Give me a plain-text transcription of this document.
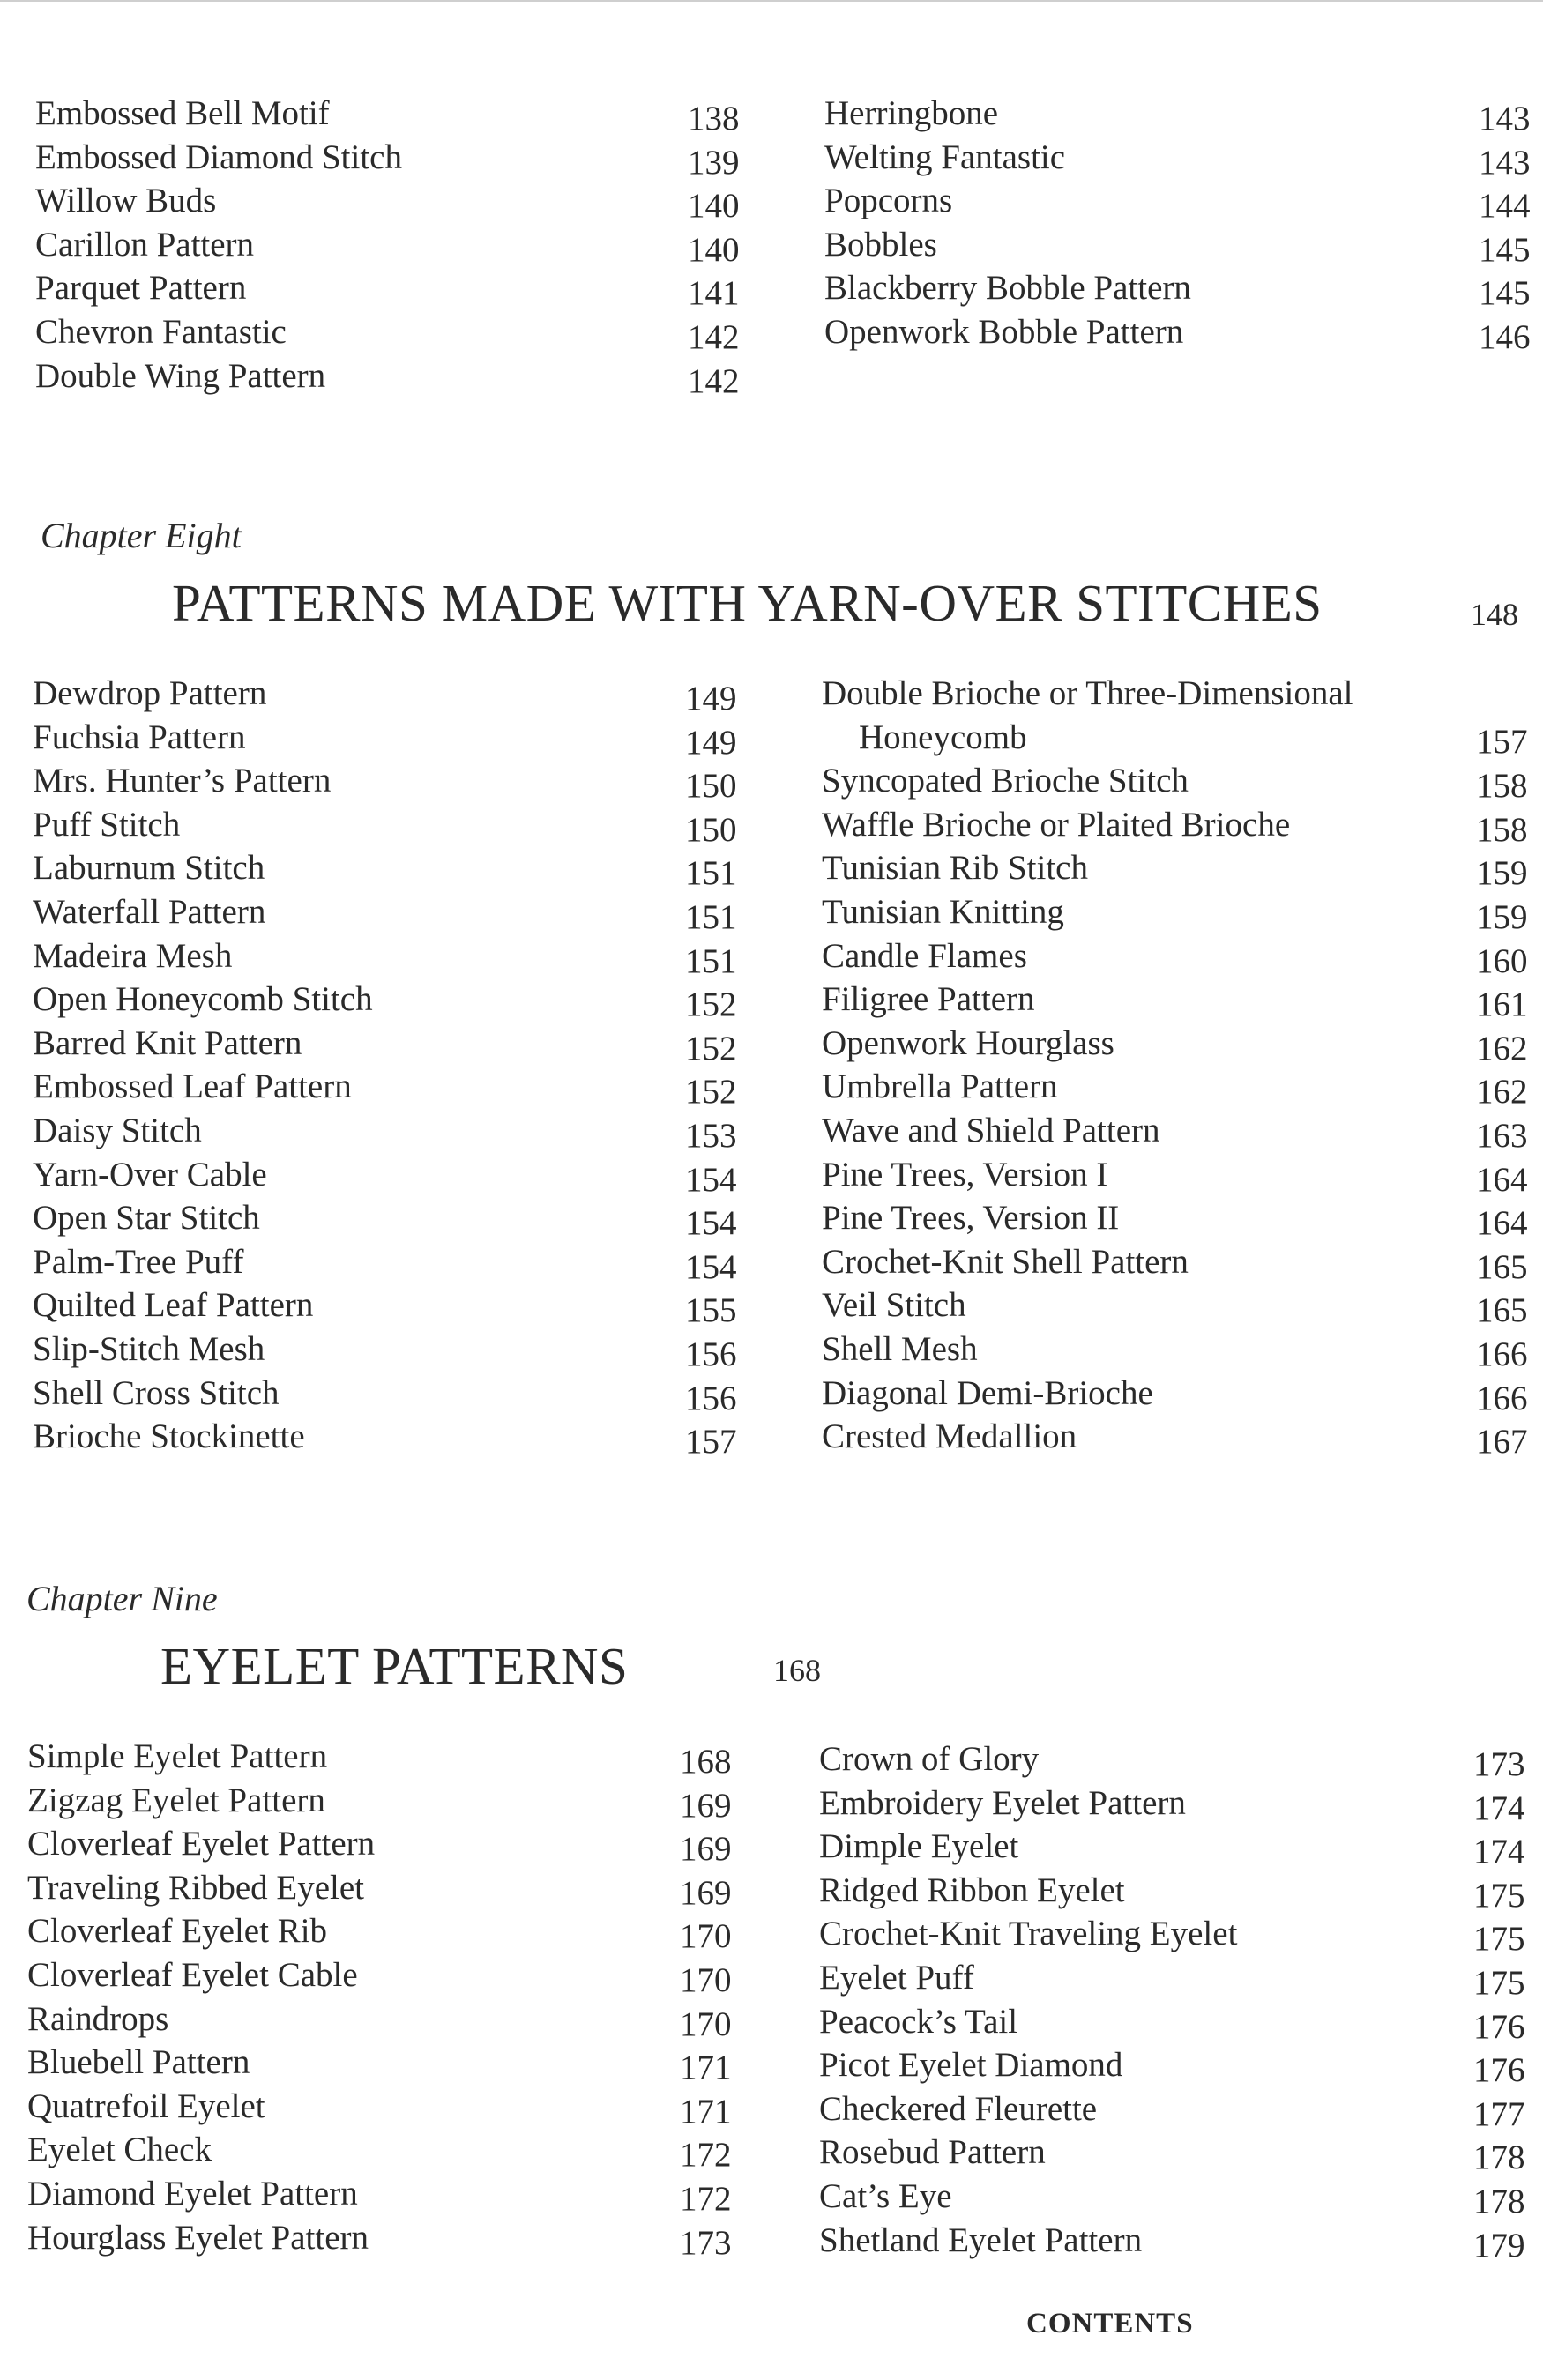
Embossed Bell Motif	138
Embossed Diamond Stitch	139
Willow Buds	140
Carillon Pattern	140
Parquet Pattern	141
Chevron Fantastic	142
Double Wing Pattern	142
Herringbone	143
Welting Fantastic	143
Popcorns	144
Bobbles	145
Blackberry Bobble Pattern	145
Openwork Bobble Pattern	146
Chapter Eight
PATTERNS MADE WITH YARN-OVER STITCHES	148
Dewdrop Pattern	149
Fuchsia Pattern	149
Mrs. Hunter’s Pattern	150
Puff Stitch	150
Laburnum Stitch	151
Waterfall Pattern	151
Madeira Mesh	151
Open Honeycomb Stitch	152
Barred Knit Pattern	152
Embossed Leaf Pattern	152
Daisy Stitch	153
Yarn-Over Cable	154
Open Star Stitch	154
Palm-Tree Puff	154
Quilted Leaf Pattern	155
Slip-Stitch Mesh	156
Shell Cross Stitch	156
Brioche Stockinette	157
Double Brioche or Three-Dimensional
Honeycomb	157
Syncopated Brioche Stitch	158
Waffle Brioche or Plaited Brioche	158
Tunisian Rib Stitch	159
Tunisian Knitting	159
Candle Flames	160
Filigree Pattern	161
Openwork Hourglass	162
Umbrella Pattern	162
Wave and Shield Pattern	163
Pine Trees, Version I	164
Pine Trees, Version II	164
Crochet-Knit Shell Pattern	165
Veil Stitch	165
Shell Mesh	166
Diagonal Demi-Brioche	166
Crested Medallion	167
Chapter Nine
EYELET PATTERNS	168
Simple Eyelet Pattern	168
Zigzag Eyelet Pattern	169
Cloverleaf Eyelet Pattern	169
Traveling Ribbed Eyelet	169
Cloverleaf Eyelet Rib	170
Cloverleaf Eyelet Cable	170
Raindrops	170
Bluebell Pattern	171
Quatrefoil Eyelet	171
Eyelet Check	172
Diamond Eyelet Pattern	172
Hourglass Eyelet Pattern	173
Crown of Glory	173
Embroidery Eyelet Pattern	174
Dimple Eyelet	174
Ridged Ribbon Eyelet	175
Crochet-Knit Traveling Eyelet	175
Eyelet Puff	175
Peacock’s Tail	176
Picot Eyelet Diamond	176
Checkered Fleurette	177
Rosebud Pattern	178
Cat’s Eye	178
Shetland Eyelet Pattern	179
CONTENTS
